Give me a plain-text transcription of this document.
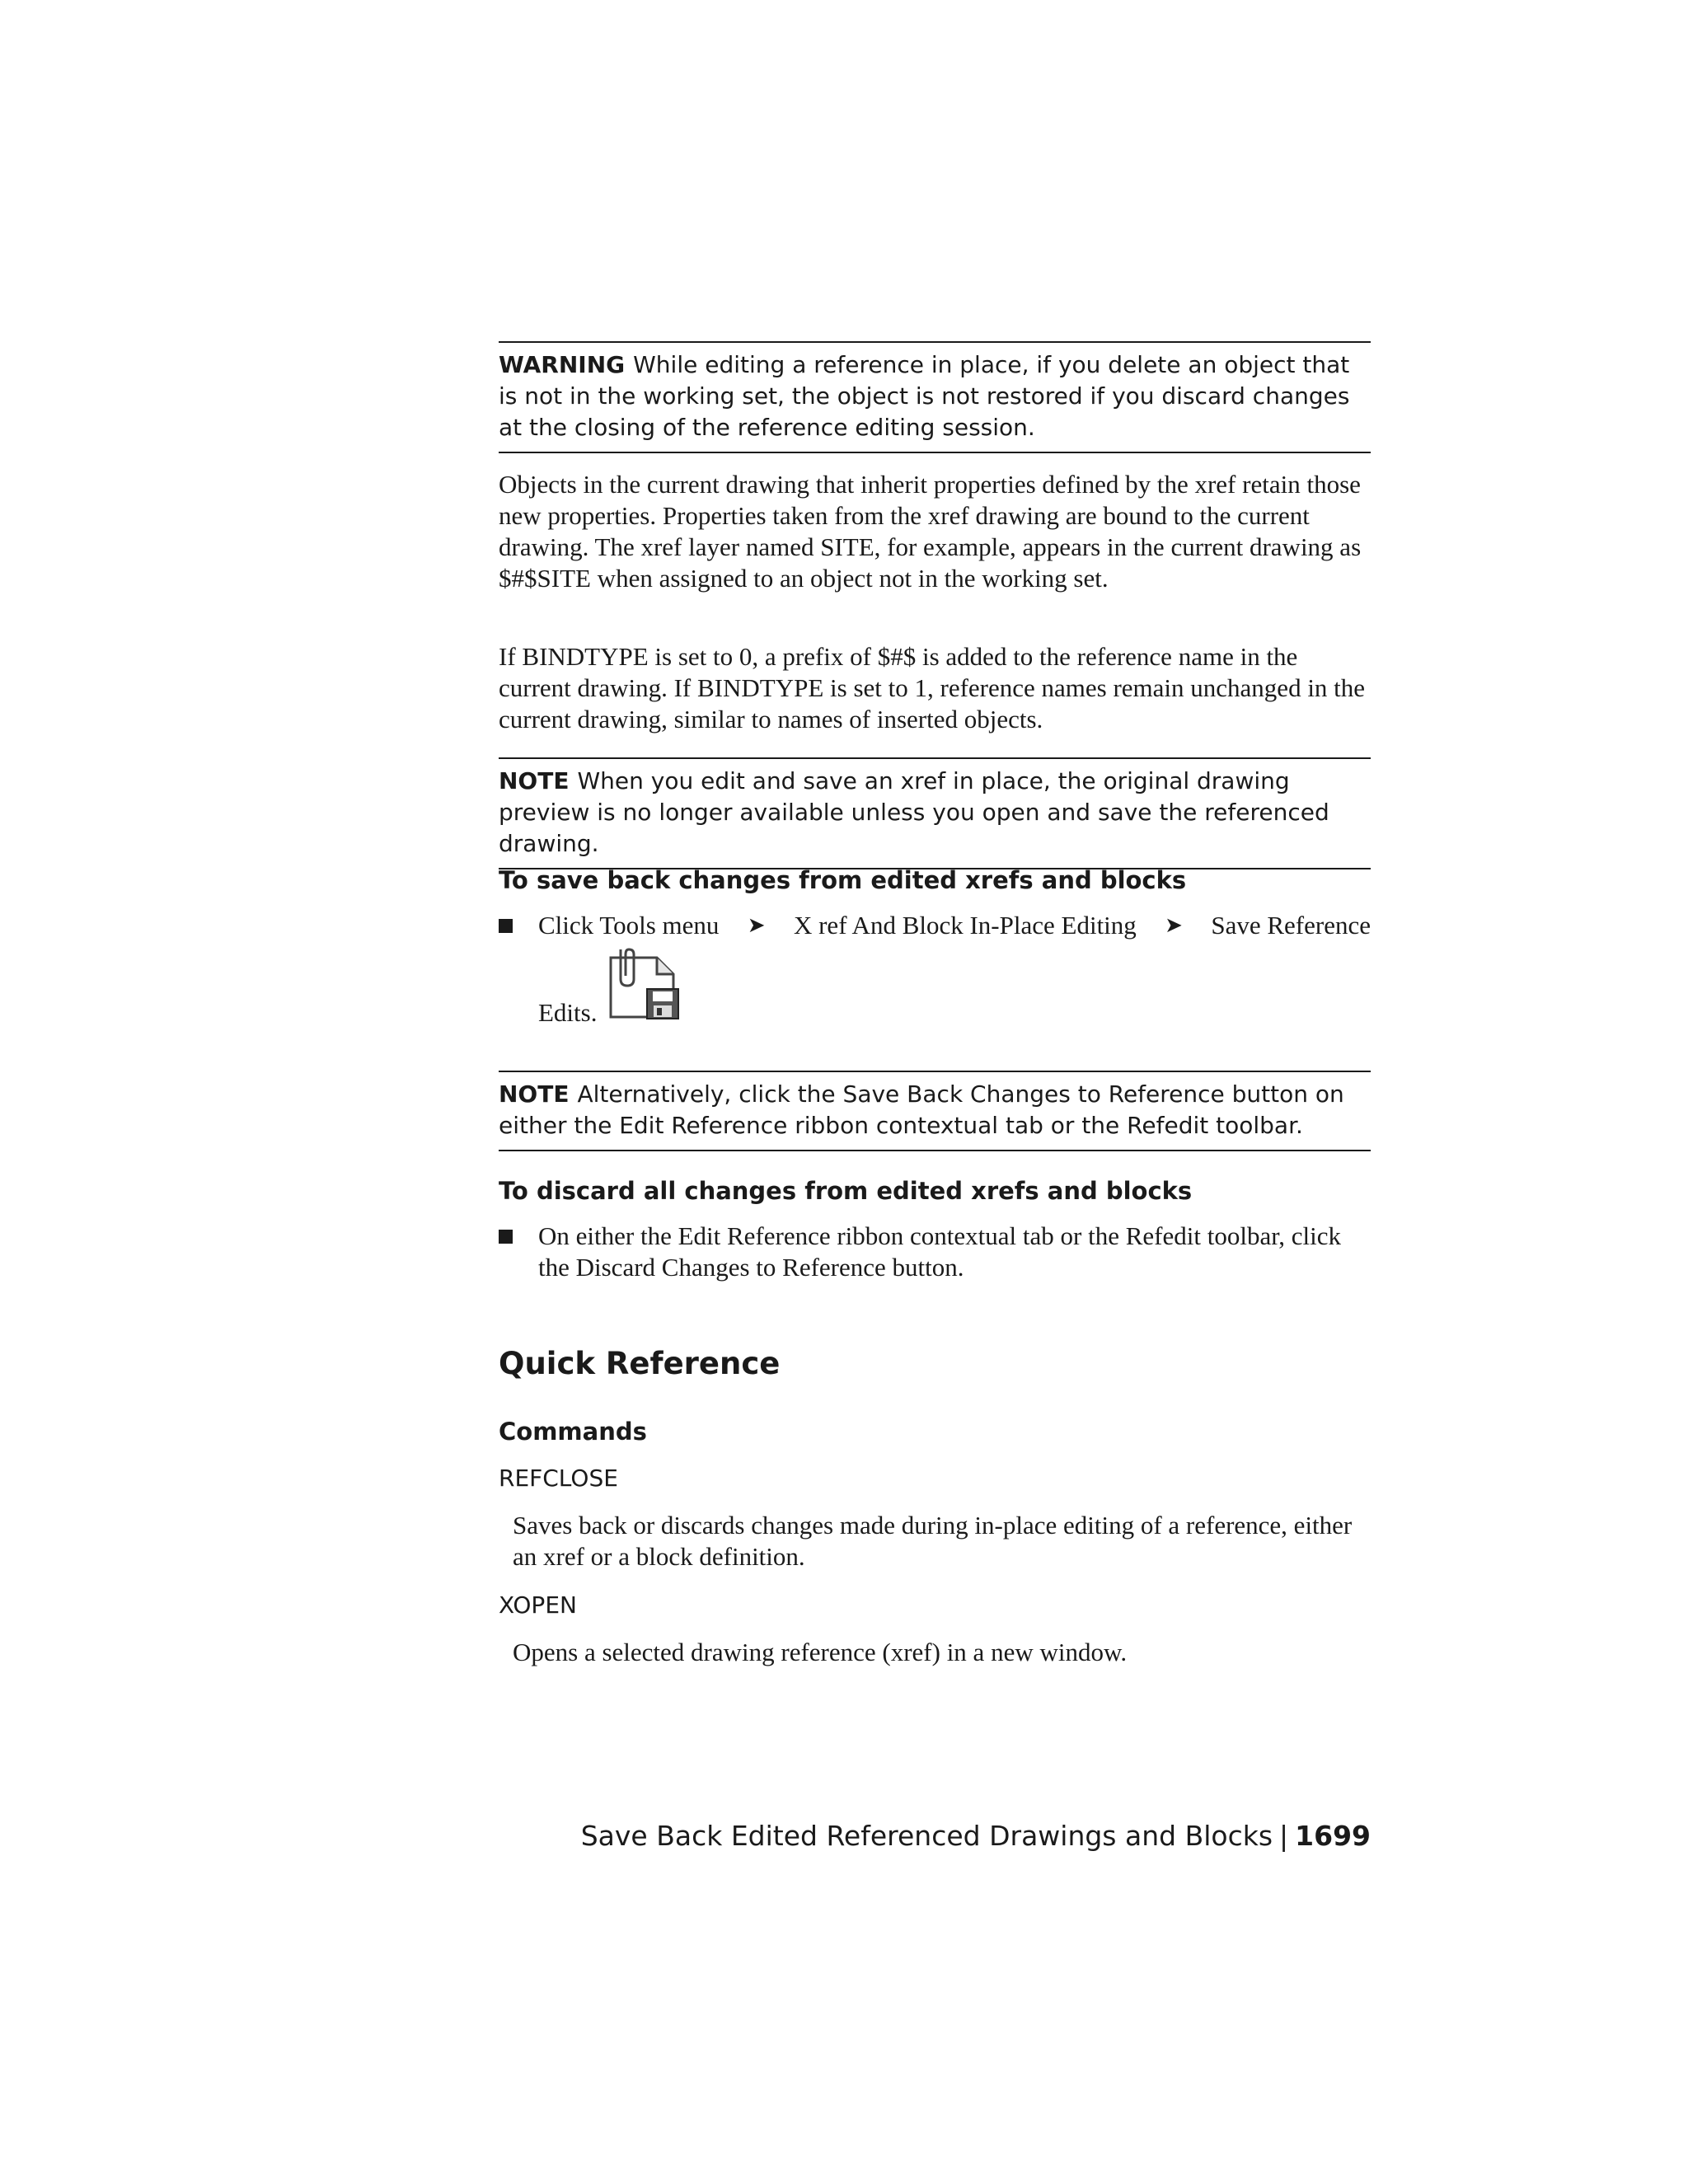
WARNING While editing a reference in place, if you delete an object that is not in the working set, the object is not restored if you discard changes at the closing of the reference editing session.

Objects in the current drawing that inherit properties defined by the xref retain those new properties. Properties taken from the xref drawing are bound to the current drawing. The xref layer named SITE, for example, appears in the current drawing as $#$SITE when assigned to an object not in the working set.

If BINDTYPE is set to 0, a prefix of $#$ is added to the reference name in the current drawing. If BINDTYPE is set to 1, reference names remain unchanged in the current drawing, similar to names of inserted objects.

NOTE When you edit and save an xref in place, the original drawing preview is no longer available unless you open and save the referenced drawing.

To save back changes from edited xrefs and blocks

Click Tools menu ➤ X ref And Block In-Place Editing ➤ Save Reference
Edits.
NOTE Alternatively, click the Save Back Changes to Reference button on either the Edit Reference ribbon contextual tab or the Refedit toolbar.

To discard all changes from edited xrefs and blocks

On either the Edit Reference ribbon contextual tab or the Refedit toolbar, click the Discard Changes to Reference button.
Quick Reference
Commands

REFCLOSE

Saves back or discards changes made during in-place editing of a reference, either an xref or a block definition.

XOPEN

Opens a selected drawing reference (xref) in a new window.

Save Back Edited Referenced Drawings and Blocks | 1699
